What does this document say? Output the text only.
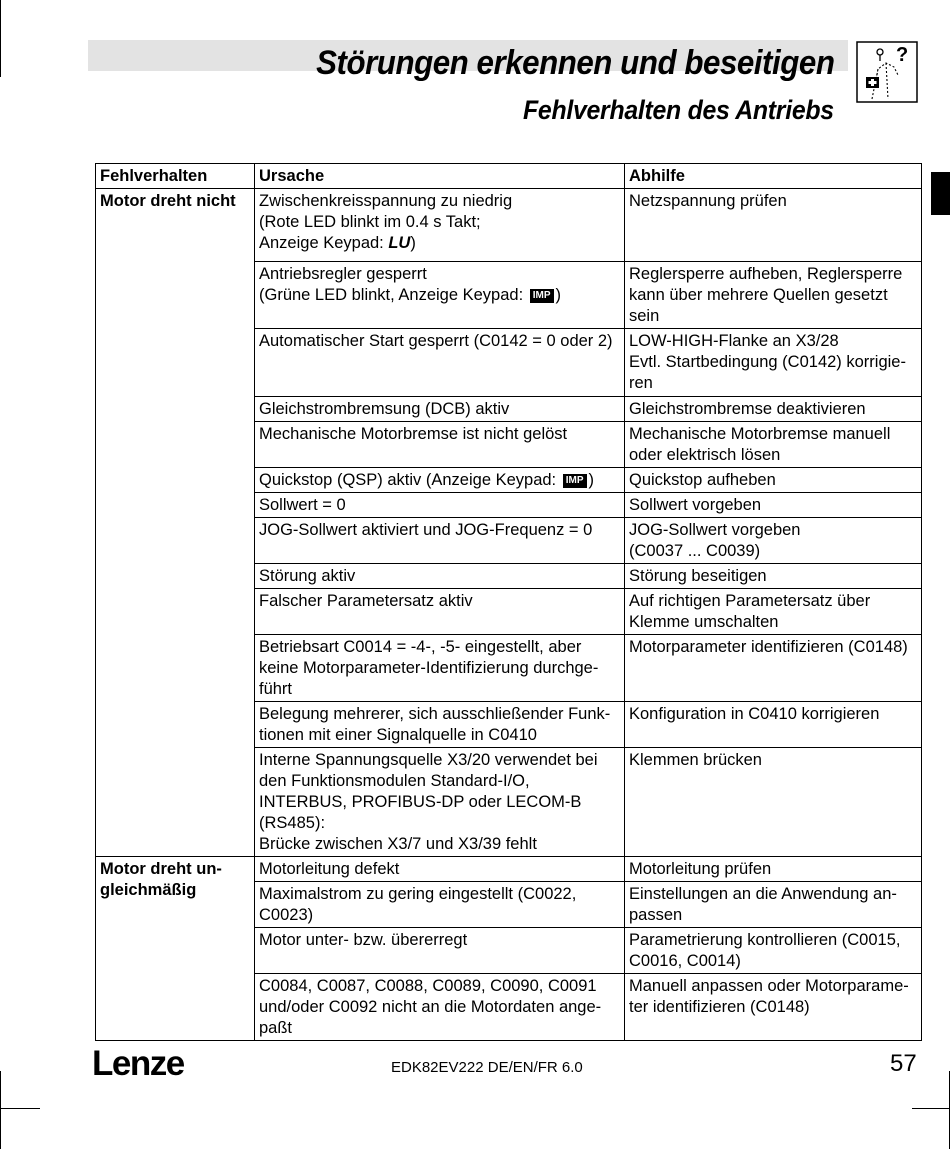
Störungen erkennen und beseitigen
Fehlverhalten des Antriebs
?
Fehlverhalten	Ursache	Abhilfe

Motor dreht nicht	Zwischenkreisspannung zu niedrig
(Rote LED blinkt im 0.4 s Takt;
Anzeige Keypad: LU)	Netzspannung prüfen

	Antriebsregler gesperrt
(Grüne LED blinkt, Anzeige Keypad: IMP )	Reglersperre aufheben, Reglersperre kann über mehrere Quellen gesetzt sein

	Automatischer Start gesperrt (C0142 = 0 oder 2)	LOW-HIGH-Flanke an X3/28
Evtl. Startbedingung (C0142) korrigie-ren

	Gleichstrombremsung (DCB) aktiv	Gleichstrombremse deaktivieren

	Mechanische Motorbremse ist nicht gelöst	Mechanische Motorbremse manuell oder elektrisch lösen

	Quickstop (QSP) aktiv (Anzeige Keypad: IMP )	Quickstop aufheben

	Sollwert = 0	Sollwert vorgeben

	JOG-Sollwert aktiviert und JOG-Frequenz = 0	JOG-Sollwert vorgeben
(C0037 ... C0039)

	Störung aktiv	Störung beseitigen

	Falscher Parametersatz aktiv	Auf richtigen Parametersatz über Klemme umschalten

	Betriebsart C0014 = -4-, -5- eingestellt, aber keine Motorparameter-Identifizierung durchge-führt	Motorparameter identifizieren (C0148)

	Belegung mehrerer, sich ausschließender Funk-tionen mit einer Signalquelle in C0410	Konfiguration in C0410 korrigieren

	Interne Spannungsquelle X3/20 verwendet bei den Funktionsmodulen Standard-I/O, INTERBUS, PROFIBUS-DP oder LECOM-B (RS485):
Brücke zwischen X3/7 und X3/39 fehlt	Klemmen brücken

Motor dreht un-gleichmäßig	Motorleitung defekt	Motorleitung prüfen

	Maximalstrom zu gering eingestellt (C0022, C0023)	Einstellungen an die Anwendung an-passen

	Motor unter- bzw. übererregt	Parametrierung kontrollieren (C0015, C0016, C0014)

	C0084, C0087, C0088, C0089, C0090, C0091 und/oder C0092 nicht an die Motordaten ange-paßt	Manuell anpassen oder Motorparame-ter identifizieren (C0148)
Lenze	EDK82EV222 DE/EN/FR 6.0	57
